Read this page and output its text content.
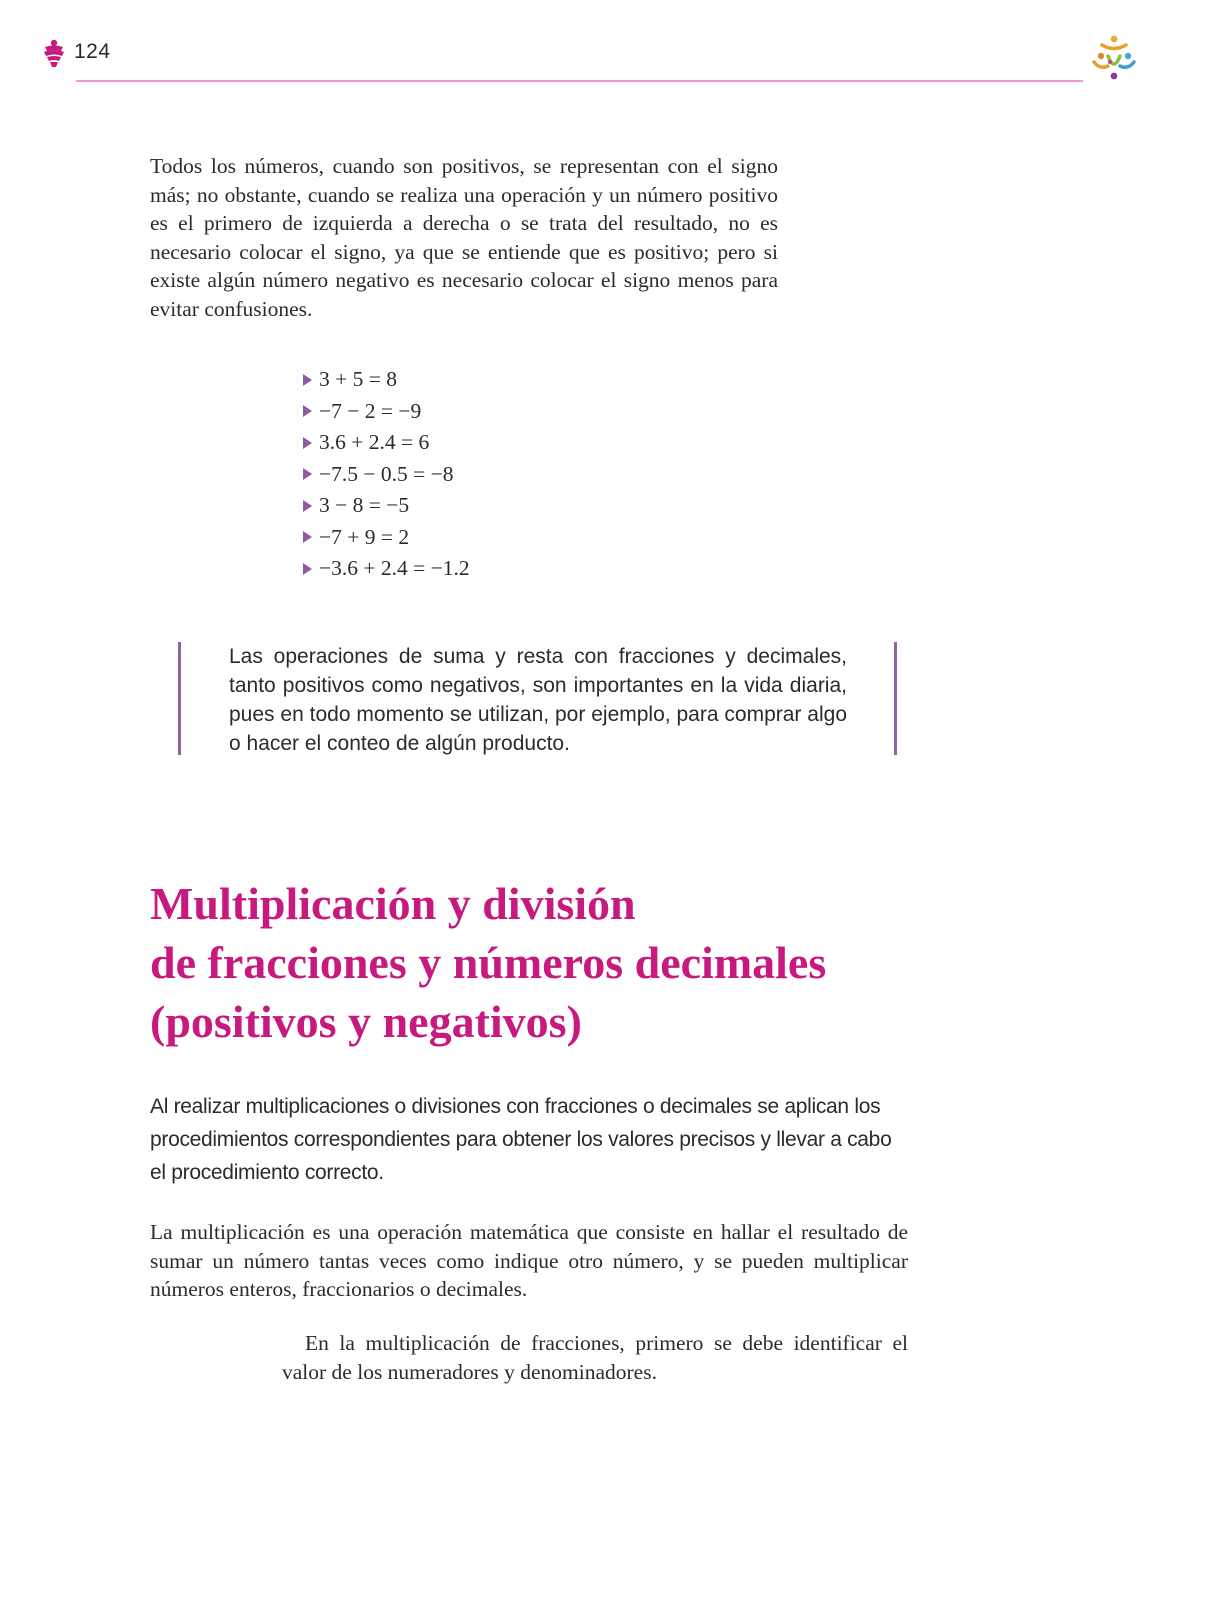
124

Todos los números, cuando son positivos, se representan con el signo más; no obstante, cuando se realiza una operación y un número positivo es el primero de izquierda a derecha o se trata del resultado, no es necesario colocar el signo, ya que se entiende que es positivo; pero si existe algún número negativo es necesario colocar el signo menos para evitar confusiones.

3 + 5 = 8
−7 − 2 = −9
3.6 + 2.4 = 6
−7.5 − 0.5 = −8
3 − 8 = −5
−7 + 9 = 2
−3.6 + 2.4 = −1.2

Las operaciones de suma y resta con fracciones y decimales, tanto positivos como negativos, son importantes en la vida diaria, pues en todo momento se utilizan, por ejemplo, para comprar algo o hacer el conteo de algún producto.

Multiplicación y división
de fracciones y números decimales
(positivos y negativos)

Al realizar multiplicaciones o divisiones con fracciones o decimales se aplican los procedimientos correspondientes para obtener los valores precisos y llevar a cabo el procedimiento correcto.

La multiplicación es una operación matemática que consiste en hallar el resultado de sumar un número tantas veces como indique otro número, y se pueden multiplicar números enteros, fraccionarios o decimales.

En la multiplicación de fracciones, primero se debe identificar el valor de los numeradores y denominadores.
